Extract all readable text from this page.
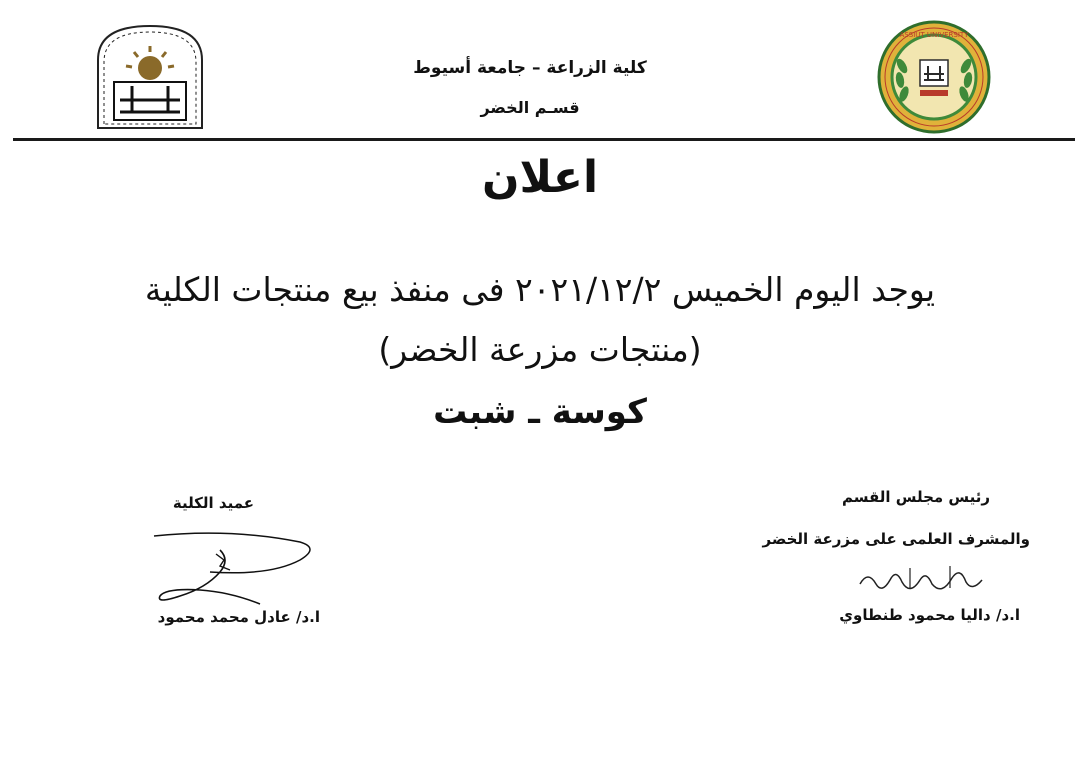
ASSIUT UNIVERSITY
كلية الزراعة – جامعة أسيوط
قسـم الخضر
اعلان
يوجد اليوم الخميس ٢٠٢١/١٢/٢ فى منفذ بيع منتجات الكلية
(منتجات مزرعة الخضر)
كوسة ـ شبت
رئيس مجلس القسم
والمشرف العلمى على مزرعة الخضر
ا.د/ داليا محمود طنطاوي
عميد الكلية
ا.د/ عادل محمد محمود
